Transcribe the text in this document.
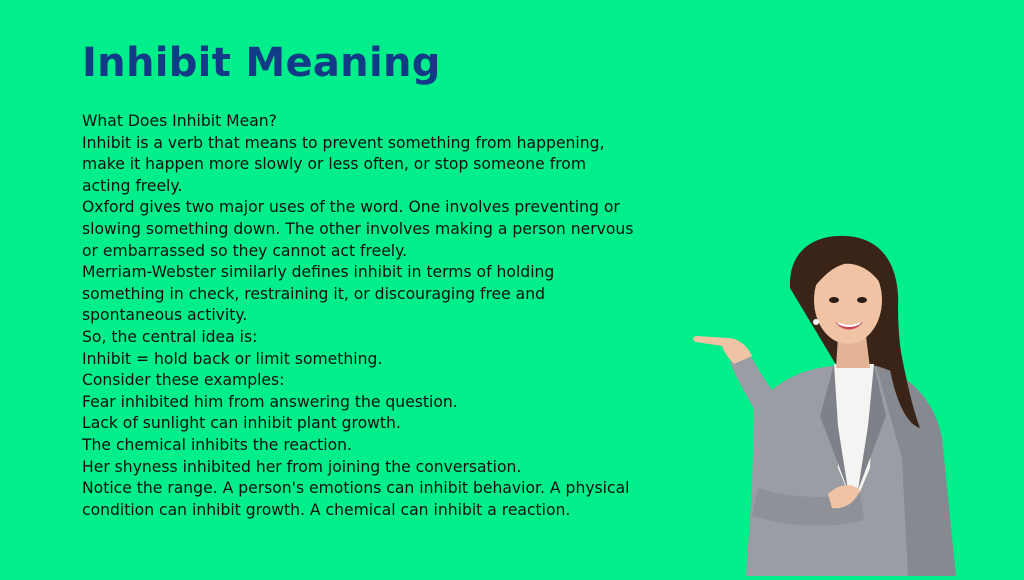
Inhibit Meaning

What Does Inhibit Mean?

Inhibit is a verb that means to prevent something from happening,

make it happen more slowly or less often, or stop someone from

acting freely.

Oxford gives two major uses of the word. One involves preventing or

slowing something down. The other involves making a person nervous

or embarrassed so they cannot act freely.

Merriam-Webster similarly defines inhibit in terms of holding

something in check, restraining it, or discouraging free and

spontaneous activity.

So, the central idea is:

Inhibit = hold back or limit something.

Consider these examples:

Fear inhibited him from answering the question.

Lack of sunlight can inhibit plant growth.

The chemical inhibits the reaction.

Her shyness inhibited her from joining the conversation.

Notice the range. A person's emotions can inhibit behavior. A physical

condition can inhibit growth. A chemical can inhibit a reaction.
